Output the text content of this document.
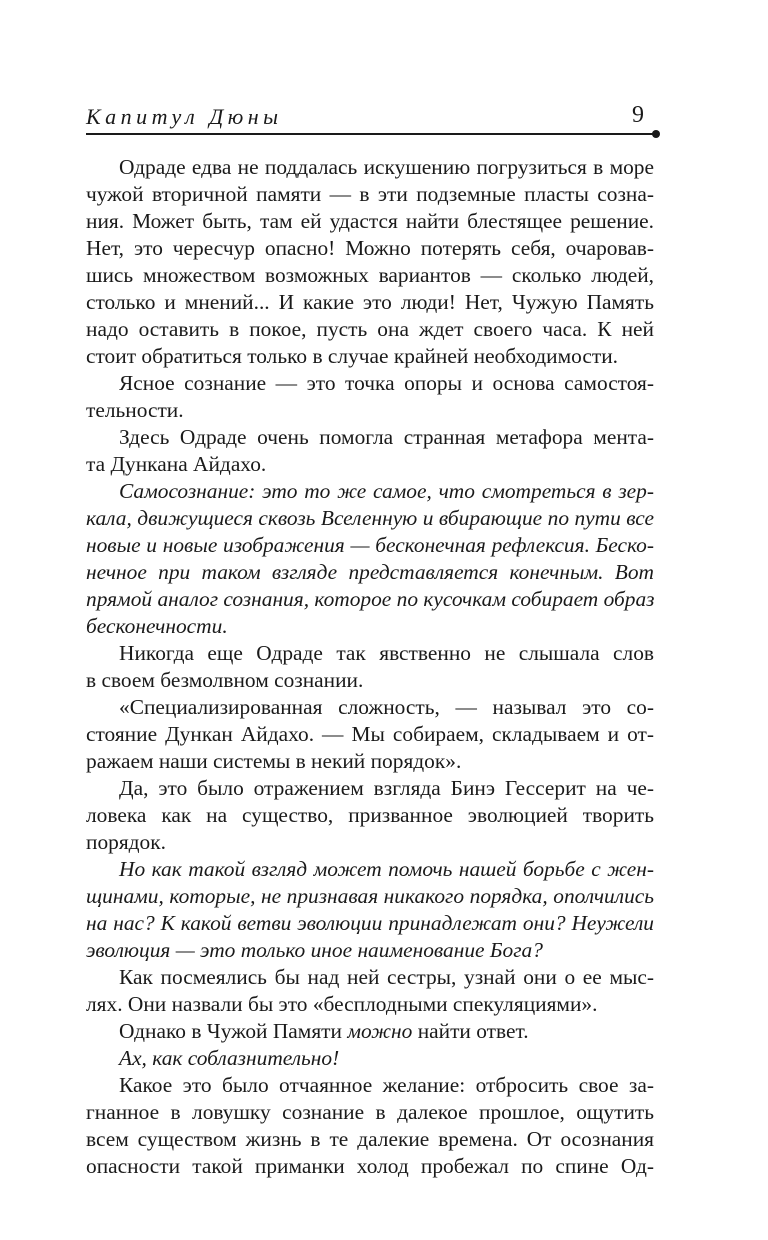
Капитул Дюны	9
Одраде едва не поддалась искушению погрузиться в море
чужой вторичной памяти — в эти подземные пласты созна-
ния. Может быть, там ей удастся найти блестящее решение.
Нет, это чересчур опасно! Можно потерять себя, очаровав-
шись множеством возможных вариантов — сколько людей,
столько и мнений... И какие это люди! Нет, Чужую Память
надо оставить в покое, пусть она ждет своего часа. К ней
стоит обратиться только в случае крайней необходимости.
Ясное сознание — это точка опоры и основа самостоя-
тельности.
Здесь Одраде очень помогла странная метафора мента-
та Дункана Айдахо.
Самосознание: это то же самое, что смотреться в зер-
кала, движущиеся сквозь Вселенную и вбирающие по пути все
новые и новые изображения — бесконечная рефлексия. Беско-
нечное при таком взгляде представляется конечным. Вот
прямой аналог сознания, которое по кусочкам собирает образ
бесконечности.
Никогда еще Одраде так явственно не слышала слов
в своем безмолвном сознании.
«Специализированная сложность, — называл это со-
стояние Дункан Айдахо. — Мы собираем, складываем и от-
ражаем наши системы в некий порядок».
Да, это было отражением взгляда Бинэ Гессерит на че-
ловека как на существо, призванное эволюцией творить
порядок.
Но как такой взгляд может помочь нашей борьбе с жен-
щинами, которые, не признавая никакого порядка, ополчились
на нас? К какой ветви эволюции принадлежат они? Неужели
эволюция — это только иное наименование Бога?
Как посмеялись бы над ней сестры, узнай они о ее мыс-
лях. Они назвали бы это «бесплодными спекуляциями».
Однако в Чужой Памяти можно найти ответ.
Ах, как соблазнительно!
Какое это было отчаянное желание: отбросить свое за-
гнанное в ловушку сознание в далекое прошлое, ощутить
всем существом жизнь в те далекие времена. От осознания
опасности такой приманки холод пробежал по спине Од-
